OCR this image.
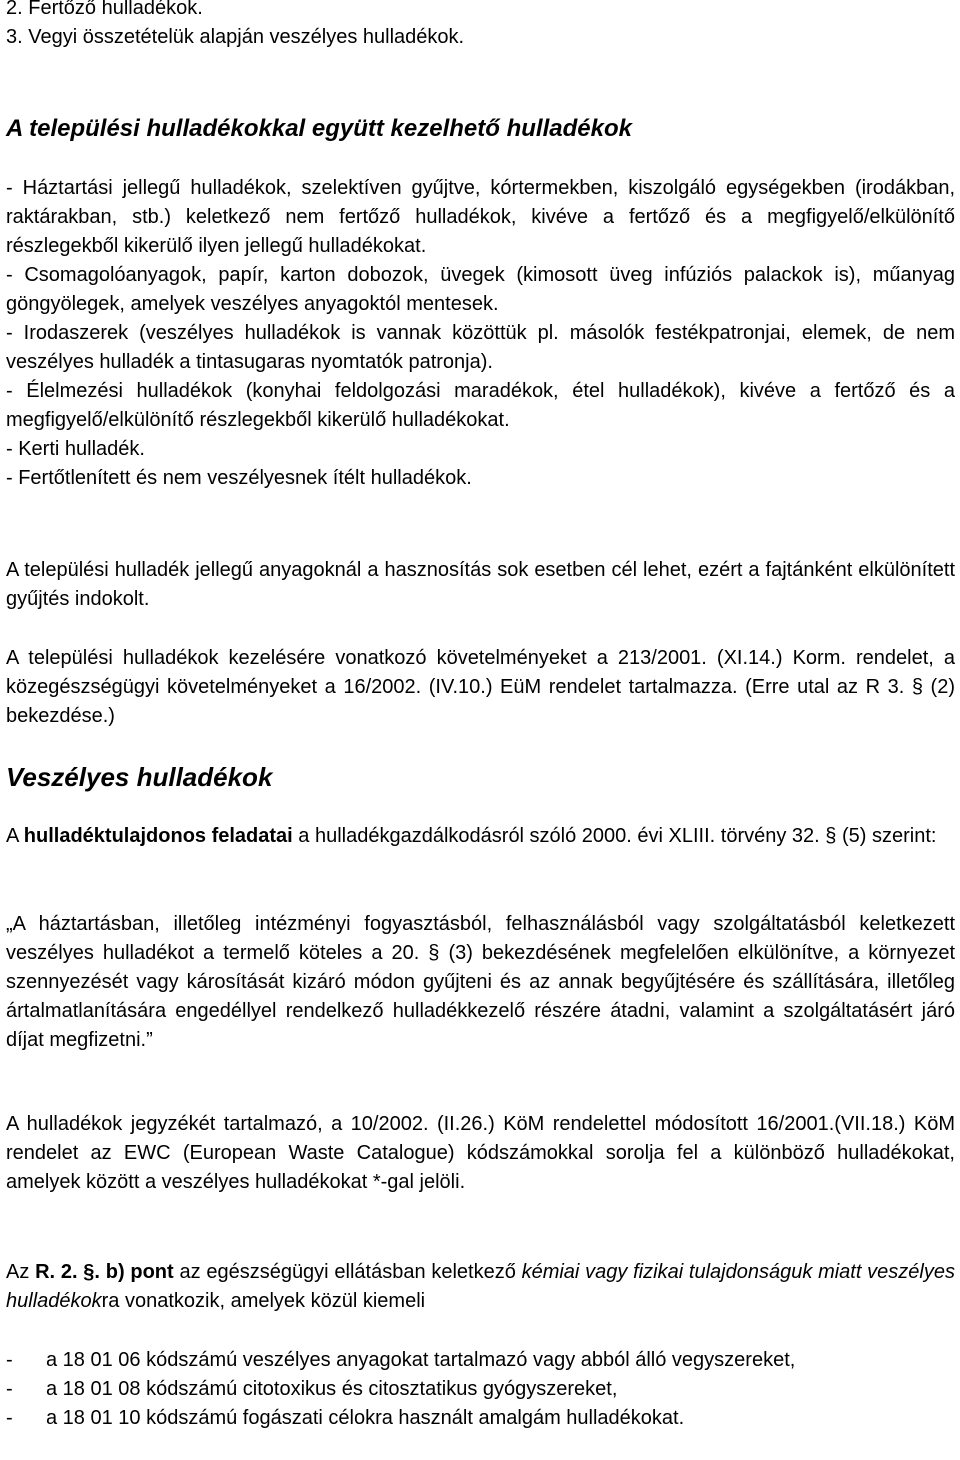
2. Fertőző hulladékok.

3. Vegyi összetételük alapján veszélyes hulladékok.

A települési hulladékokkal együtt kezelhető hulladékok

- Háztartási jellegű hulladékok, szelektíven gyűjtve, kórtermekben, kiszolgáló egységekben (irodákban, raktárakban, stb.) keletkező nem fertőző hulladékok, kivéve a fertőző és a megfigyelő/elkülönítő részlegekből kikerülő ilyen jellegű hulladékokat.

- Csomagolóanyagok, papír, karton dobozok, üvegek (kimosott üveg infúziós palackok is), műanyag göngyölegek, amelyek veszélyes anyagoktól mentesek.

- Irodaszerek (veszélyes hulladékok is vannak közöttük pl. másolók festékpatronjai, elemek, de nem veszélyes hulladék a tintasugaras nyomtatók patronja).

- Élelmezési hulladékok (konyhai feldolgozási maradékok, étel hulladékok), kivéve a fertőző és a megfigyelő/elkülönítő részlegekből kikerülő hulladékokat.

- Kerti hulladék.

- Fertőtlenített és nem veszélyesnek ítélt hulladékok.

A települési hulladék jellegű anyagoknál a hasznosítás sok esetben cél lehet, ezért a fajtánként elkülönített gyűjtés indokolt.

A települési hulladékok kezelésére vonatkozó követelményeket a 213/2001. (XI.14.) Korm. rendelet, a közegészségügyi követelményeket a 16/2002. (IV.10.) EüM rendelet tartalmazza. (Erre utal az R 3. § (2) bekezdése.)

Veszélyes hulladékok

A hulladéktulajdonos feladatai a hulladékgazdálkodásról szóló 2000. évi XLIII. törvény 32. § (5) szerint:

„A háztartásban, illetőleg intézményi fogyasztásból, felhasználásból vagy szolgáltatásból keletkezett veszélyes hulladékot a termelő köteles a 20. § (3) bekezdésének megfelelően elkülönítve, a környezet szennyezését vagy károsítását kizáró módon gyűjteni és az annak begyűjtésére és szállítására, illetőleg ártalmatlanítására engedéllyel rendelkező hulladékkezelő részére átadni, valamint a szolgáltatásért járó díjat megfizetni.”

A hulladékok jegyzékét tartalmazó, a 10/2002. (II.26.) KöM rendelettel módosított 16/2001.(VII.18.) KöM rendelet az EWC (European Waste Catalogue) kódszámokkal sorolja fel a különböző hulladékokat, amelyek között a veszélyes hulladékokat *-gal jelöli.

Az R. 2. §. b) pont az egészségügyi ellátásban keletkező kémiai vagy fizikai tulajdonságuk miatt veszélyes hulladékokra vonatkozik, amelyek közül kiemeli

-	a 18 01 06 kódszámú veszélyes anyagokat tartalmazó vagy abból álló vegyszereket,
-	a 18 01 08 kódszámú citotoxikus és citosztatikus gyógyszereket,
-	a 18 01 10 kódszámú fogászati célokra használt amalgám hulladékokat.
